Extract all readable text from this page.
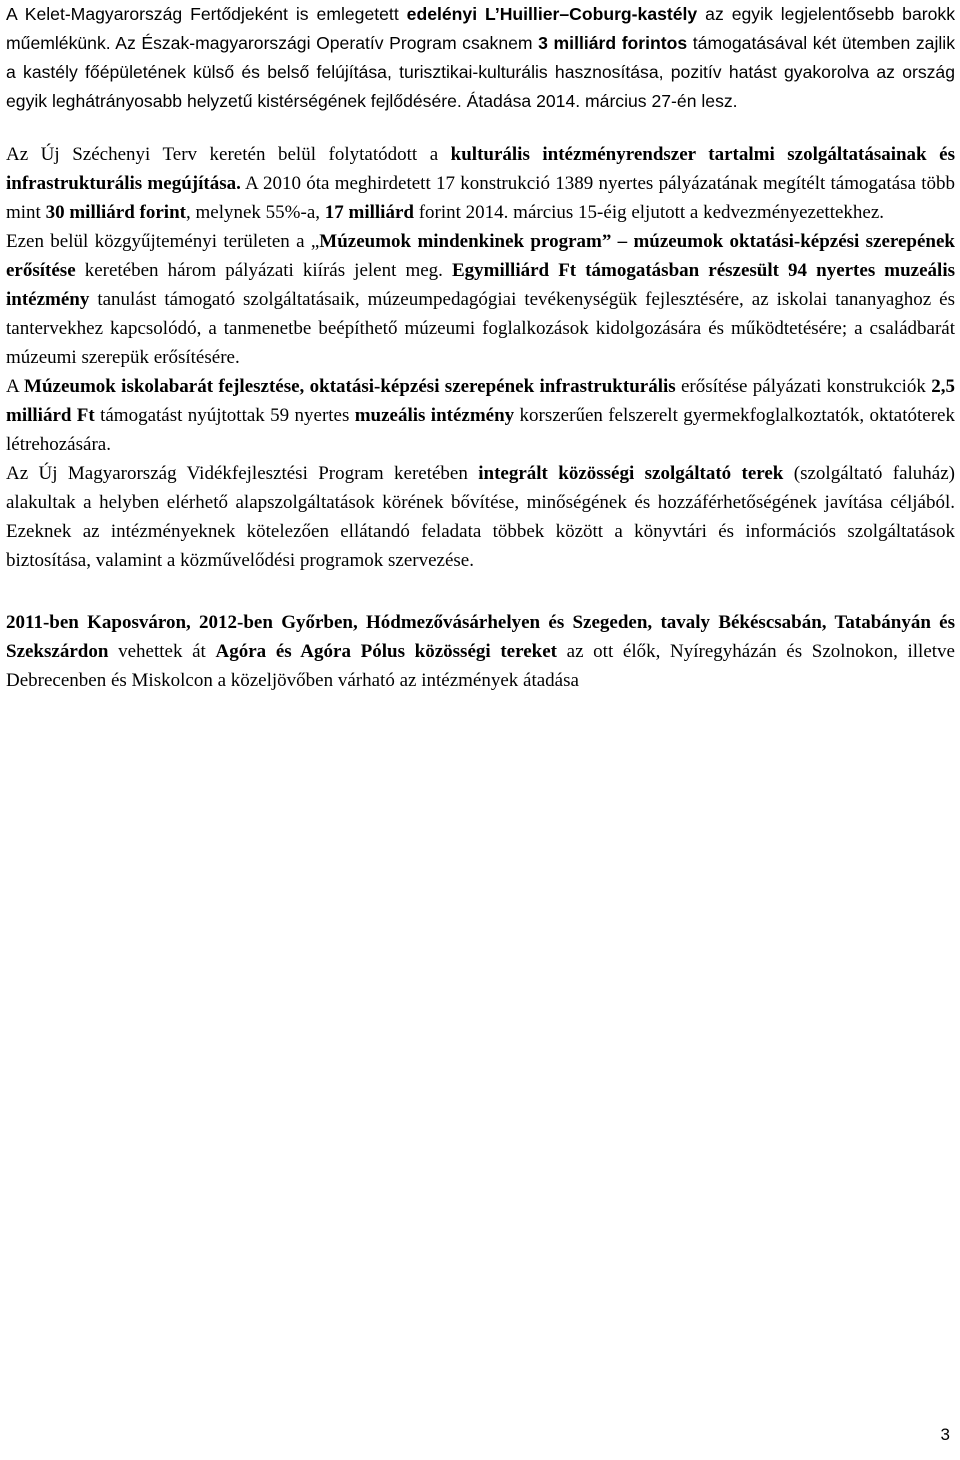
A Kelet-Magyarország Fertődjeként is emlegetett edelényi L’Huillier–Coburg-kastély az egyik legjelentősebb barokk műemlékünk. Az Észak-magyarországi Operatív Program csaknem 3 milliárd forintos támogatásával két ütemben zajlik a kastély főépületének külső és belső felújítása, turisztikai-kulturális hasznosítása, pozitív hatást gyakorolva az ország egyik leghátrányosabb helyzetű kistérségének fejlődésére. Átadása 2014. március 27-én lesz.

Az Új Széchenyi Terv keretén belül folytatódott a kulturális intézményrendszer tartalmi szolgáltatásainak és infrastrukturális megújítása. A 2010 óta meghirdetett 17 konstrukció 1389 nyertes pályázatának megítélt támogatása több mint 30 milliárd forint, melynek 55%-a, 17 milliárd forint 2014. március 15-éig eljutott a kedvezményezettekhez.

Ezen belül közgyűjteményi területen a „Múzeumok mindenkinek program” – múzeumok oktatási-képzési szerepének erősítése keretében három pályázati kiírás jelent meg. Egymilliárd Ft támogatásban részesült 94 nyertes muzeális intézmény tanulást támogató szolgáltatásaik, múzeumpedagógiai tevékenységük fejlesztésére, az iskolai tananyaghoz és tantervekhez kapcsolódó, a tanmenetbe beépíthető múzeumi foglalkozások kidolgozására és működtetésére; a családbarát múzeumi szerepük erősítésére.

A Múzeumok iskolabarát fejlesztése, oktatási-képzési szerepének infrastrukturális erősítése pályázati konstrukciók 2,5 milliárd Ft támogatást nyújtottak 59 nyertes muzeális intézmény korszerűen felszerelt gyermekfoglalkoztatók, oktatóterek létrehozására.

Az Új Magyarország Vidékfejlesztési Program keretében integrált közösségi szolgáltató terek (szolgáltató faluház) alakultak a helyben elérhető alapszolgáltatások körének bővítése, minőségének és hozzáférhetőségének javítása céljából. Ezeknek az intézményeknek kötelezően ellátandó feladata többek között a könyvtári és információs szolgáltatások biztosítása, valamint a közművelődési programok szervezése.

2011-ben Kaposváron, 2012-ben Győrben, Hódmezővásárhelyen és Szegeden, tavaly Békéscsabán, Tatabányán és Szekszárdon vehettek át Agóra és Agóra Pólus közösségi tereket az ott élők, Nyíregyházán és Szolnokon, illetve Debrecenben és Miskolcon a közeljövőben várható az intézmények átadása

3
